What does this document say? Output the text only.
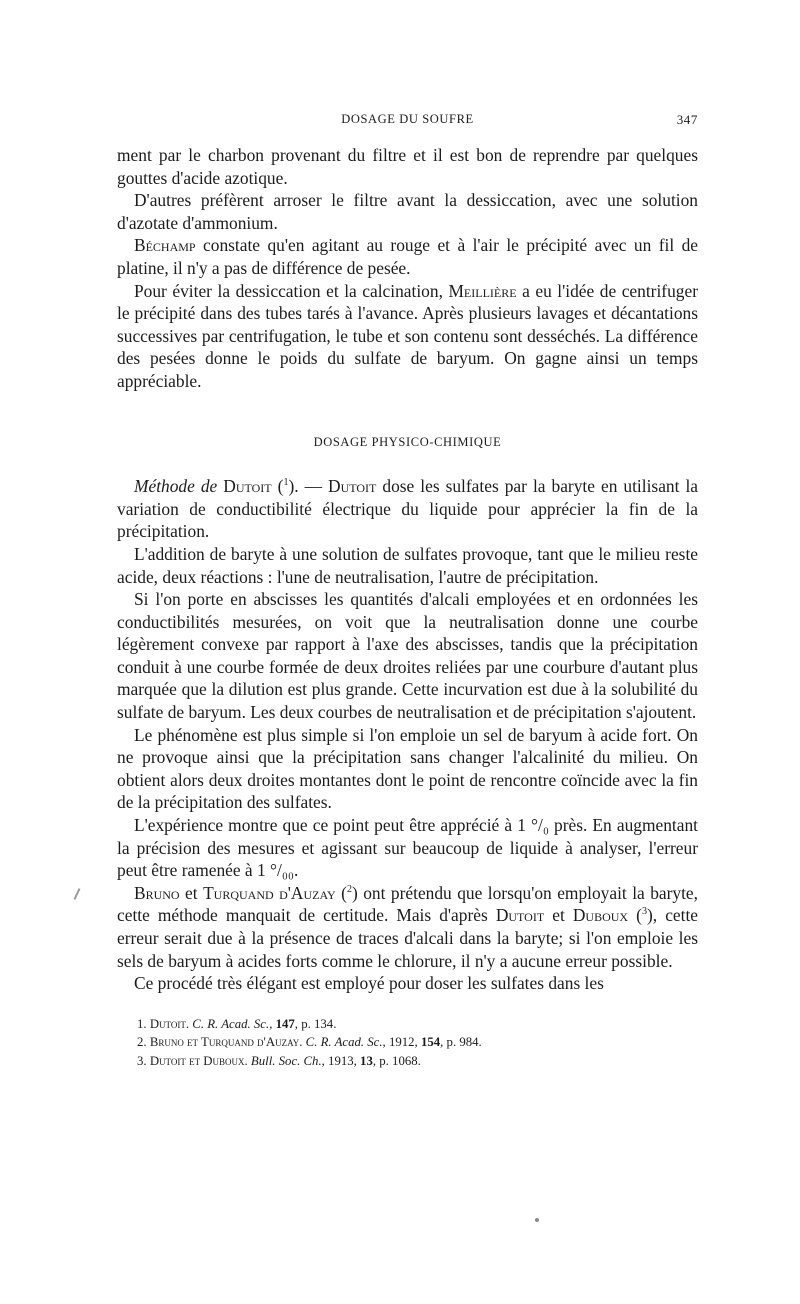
DOSAGE DU SOUFRE	347

ment par le charbon provenant du filtre et il est bon de reprendre par quelques gouttes d'acide azotique.

D'autres préfèrent arroser le filtre avant la dessiccation, avec une solution d'azotate d'ammonium.

Béchamp constate qu'en agitant au rouge et à l'air le précipité avec un fil de platine, il n'y a pas de différence de pesée.

Pour éviter la dessiccation et la calcination, Meillière a eu l'idée de centrifuger le précipité dans des tubes tarés à l'avance. Après plusieurs lavages et décantations successives par centrifugation, le tube et son contenu sont desséchés. La différence des pesées donne le poids du sulfate de baryum. On gagne ainsi un temps appréciable.

DOSAGE PHYSICO-CHIMIQUE

Méthode de Dutoit ($^1$). — Dutoit dose les sulfates par la baryte en utilisant la variation de conductibilité électrique du liquide pour apprécier la fin de la précipitation.

L'addition de baryte à une solution de sulfates provoque, tant que le milieu reste acide, deux réactions : l'une de neutralisation, l'autre de précipitation.

Si l'on porte en abscisses les quantités d'alcali employées et en ordonnées les conductibilités mesurées, on voit que la neutralisation donne une courbe légèrement convexe par rapport à l'axe des abscisses, tandis que la précipitation conduit à une courbe formée de deux droites reliées par une courbure d'autant plus marquée que la dilution est plus grande. Cette incurvation est due à la solubilité du sulfate de baryum. Les deux courbes de neutralisation et de précipitation s'ajoutent.

Le phénomène est plus simple si l'on emploie un sel de baryum à acide fort. On ne provoque ainsi que la précipitation sans changer l'alcalinité du milieu. On obtient alors deux droites montantes dont le point de rencontre coïncide avec la fin de la précipitation des sulfates.

L'expérience montre que ce point peut être apprécié à 1 °/₀ près. En augmentant la précision des mesures et agissant sur beaucoup de liquide à analyser, l'erreur peut être ramenée à 1 °/₀₀.

Bruno et Turquand d'Auzay ($^2$) ont prétendu que lorsqu'on employait la baryte, cette méthode manquait de certitude. Mais d'après Dutoit et Duboux ($^3$), cette erreur serait due à la présence de traces d'alcali dans la baryte; si l'on emploie les sels de baryum à acides forts comme le chlorure, il n'y a aucune erreur possible.

Ce procédé très élégant est employé pour doser les sulfates dans les

1. Dutoit. C. R. Acad. Sc., 147, p. 134.
2. Bruno et Turquand d'Auzay. C. R. Acad. Sc., 1912, 154, p. 984.
3. Dutoit et Duboux. Bull. Soc. Ch., 1913, 13, p. 1068.
